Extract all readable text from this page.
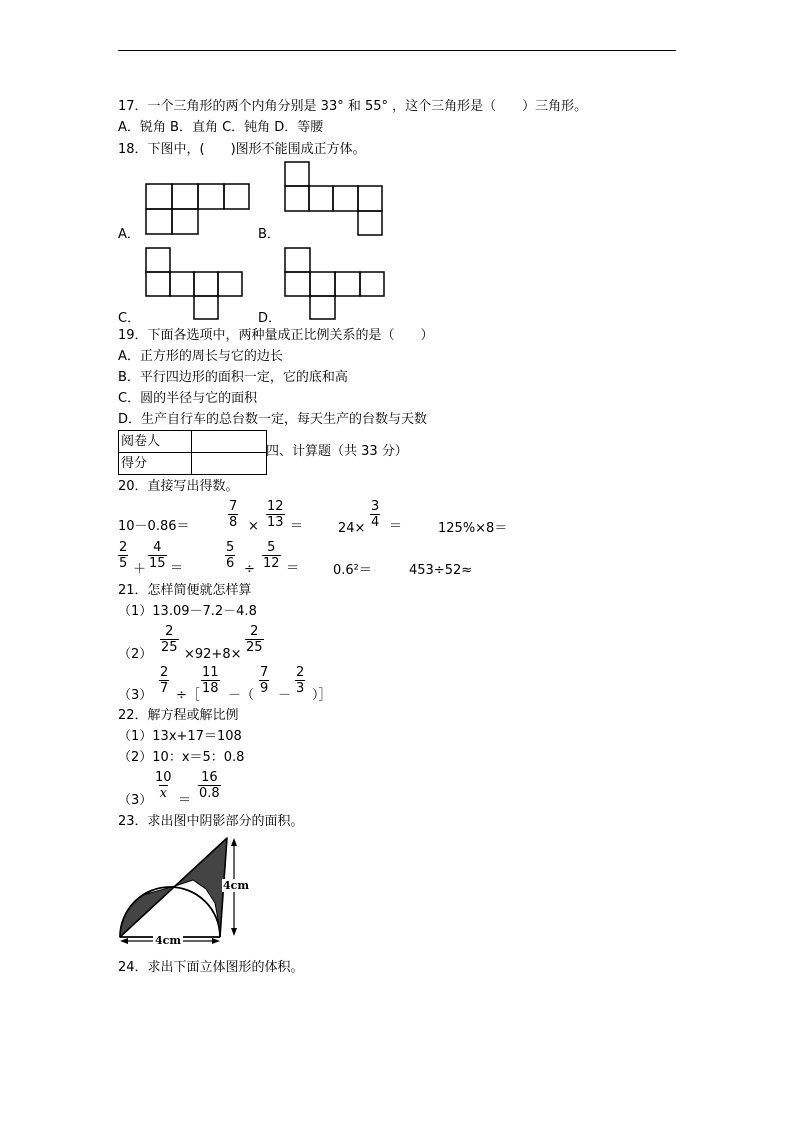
17．一个三角形的两个内角分别是 33° 和 55° ，这个三角形是（　　）三角形。
A．锐角 B．直角 C．钝角 D．等腰
18．下图中，(　　)图形不能围成正方体。
A．	B．
C．	D．
19．下面各选项中，两种量成正比例关系的是（　　）
A．正方形的周长与它的边长
B．平行四边形的面积一定，它的底和高
C．圆的半径与它的面积
D．生产自行车的总台数一定，每天生产的台数与天数
阅卷人	
得分	
四、计算题（共 33 分）
20．直接写出得数。
10－0.86＝	$\frac{7}{8} \times \frac{12}{13}$ ＝	$24\times \frac{3}{4}$ ＝	125%×8＝
$\frac{2}{5} + \frac{4}{15}$ ＝	$\frac{5}{6} \div \frac{5}{12}$ ＝	0.6²＝	453÷52≈
21．怎样简便就怎样算
（1）13.09－7.2－4.8
$(2) \frac{2}{25} \times 92+8\times \frac{2}{25}$
$(3) \frac{2}{7}$ ÷［ $\frac{11}{18}$ －（ $\frac{7}{9} - \frac{2}{3}$ ）］
22．解方程或解比例
（1）13x+17＝108
（2）10：x＝5：0.8
$(3) \frac{10}{x} = \frac{16}{0.8}$
23．求出图中阴影部分的面积。
4cm
4cm
24．求出下面立体图形的体积。
